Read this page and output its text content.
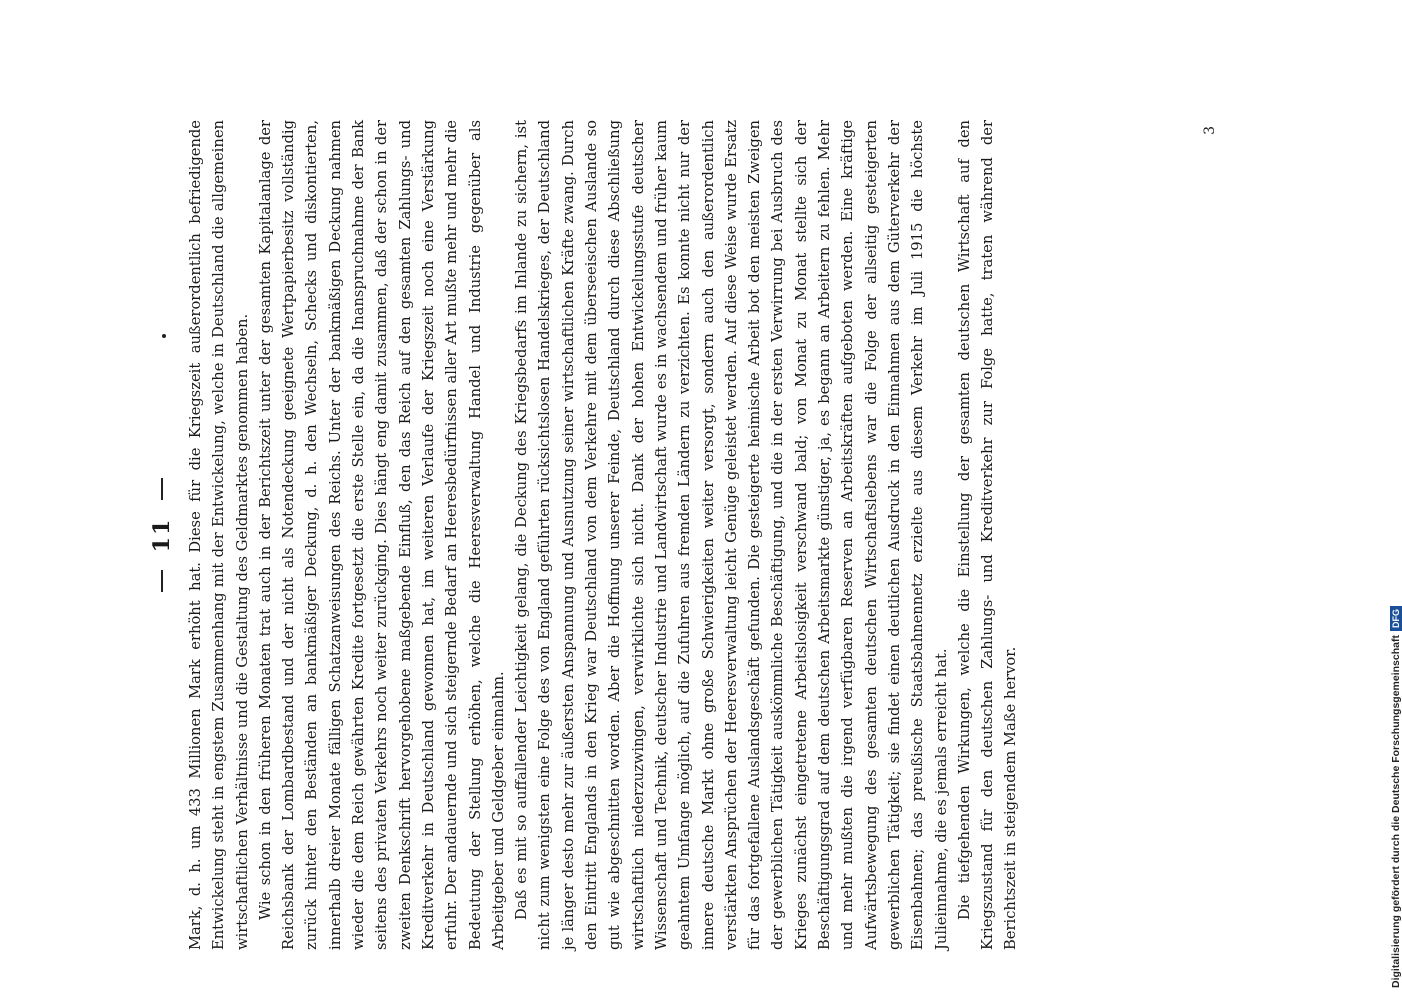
11 Mark, d. h. um 433 Millionen Mark erhöht hat. Diese für die Kriegszeit außerordentlich befriedigende Entwickelung steht in engstem Zusammenhang mit der Entwickelung, welche in Deutschland die allgemeinen wirtschaftlichen Verhältnisse und die Gestaltung des Geldmarktes genommen haben. Wie schon in den früheren Monaten trat auch in der Berichtszeit unter der gesamten Kapitalanlage der Reichsbank der Lombardbestand und der nicht als Notendeckung geeignete Wertpapierbesitz vollständig zurück hinter den Beständen an bankmäßiger Deckung, d. h. den Wechseln, Schecks und diskontierten, innerhalb dreier Monate fälligen Schatzanweisungen des Reichs. Unter der bankmäßigen Deckung nahmen wieder die dem Reich gewährten Kredite fortgesetzt die erste Stelle ein, da die Inanspruchnahme der Bank seitens des privaten Verkehrs noch weiter zurückging. Dies hängt eng damit zusammen, daß der schon in der zweiten Denkschrift hervorgehobene maßgebende Einfluß, den das Reich auf den gesamten Zahlungs- und Kreditverkehr in Deutschland gewonnen hat, im weiteren Verlaufe der Kriegszeit noch eine Verstärkung erfuhr. Der andauernde und sich steigernde Bedarf an Heeresbedürfnissen aller Art mußte mehr und mehr die Bedeutung der Stellung erhöhen, welche die Heeresverwaltung Handel und Industrie gegenüber als Arbeitgeber und Geldgeber einnahm. Daß es mit so auffallender Leichtigkeit gelang, die Deckung des Kriegsbedarfs im Inlande zu sichern, ist nicht zum wenigsten eine Folge des von England geführten rücksichtslosen Handelskrieges, der Deutschland je länger desto mehr zur äußersten Anspannung und Ausnutzung seiner wirtschaftlichen Kräfte zwang. Durch den Eintritt Englands in den Krieg war Deutschland von dem Verkehre mit dem überseeischen Auslande so gut wie abgeschnitten worden. Aber die Hoffnung unserer Feinde, Deutschland durch diese Abschließung wirtschaftlich niederzuzwingen, verwirklichte sich nicht. Dank der hohen Entwickelungsstufe deutscher Wissenschaft und Technik, deutscher Industrie und Landwirtschaft wurde es in wachsendem und früher kaum geahntem Umfange möglich, auf die Zufuhren aus fremden Ländern zu verzichten. Es konnte nicht nur der innere deutsche Markt ohne große Schwierigkeiten weiter versorgt, sondern auch den außerordentlich verstärkten Ansprüchen der Heeresverwaltung leicht Genüge geleistet werden. Auf diese Weise wurde Ersatz für das fortgefallene Auslandsgeschäft gefunden. Die gesteigerte heimische Arbeit bot den meisten Zweigen der gewerblichen Tätigkeit auskömmliche Beschäftigung, und die in der ersten Verwirrung bei Ausbruch des Krieges zunächst eingetretene Arbeitslosigkeit verschwand bald; von Monat zu Monat stellte sich der Beschäftigungsgrad auf dem deutschen Arbeitsmarkte günstiger, ja, es begann an Arbeitern zu fehlen. Mehr und mehr mußten die irgend verfügbaren Reserven an Arbeitskräften aufgeboten werden. Eine kräftige Aufwärtsbewegung des gesamten deutschen Wirtschaftslebens war die Folge der allseitig gesteigerten gewerblichen Tätigkeit; sie findet einen deutlichen Ausdruck in den Einnahmen aus dem Güterverkehr der Eisenbahnen; das preußische Staatsbahnennetz erzielte aus diesem Verkehr im Juli 1915 die höchste Julieinnahme, die es jemals erreicht hat. Die tiefgehenden Wirkungen, welche die Einstellung der gesamten deutschen Wirtschaft auf den Kriegszustand für den deutschen Zahlungs- und Kreditverkehr zur Folge hatte, traten während der Berichtszeit in steigendem Maße hervor.

3
Digitalisierung gefördert durch die Deutsche Forschungsgemeinschaft
DFG
